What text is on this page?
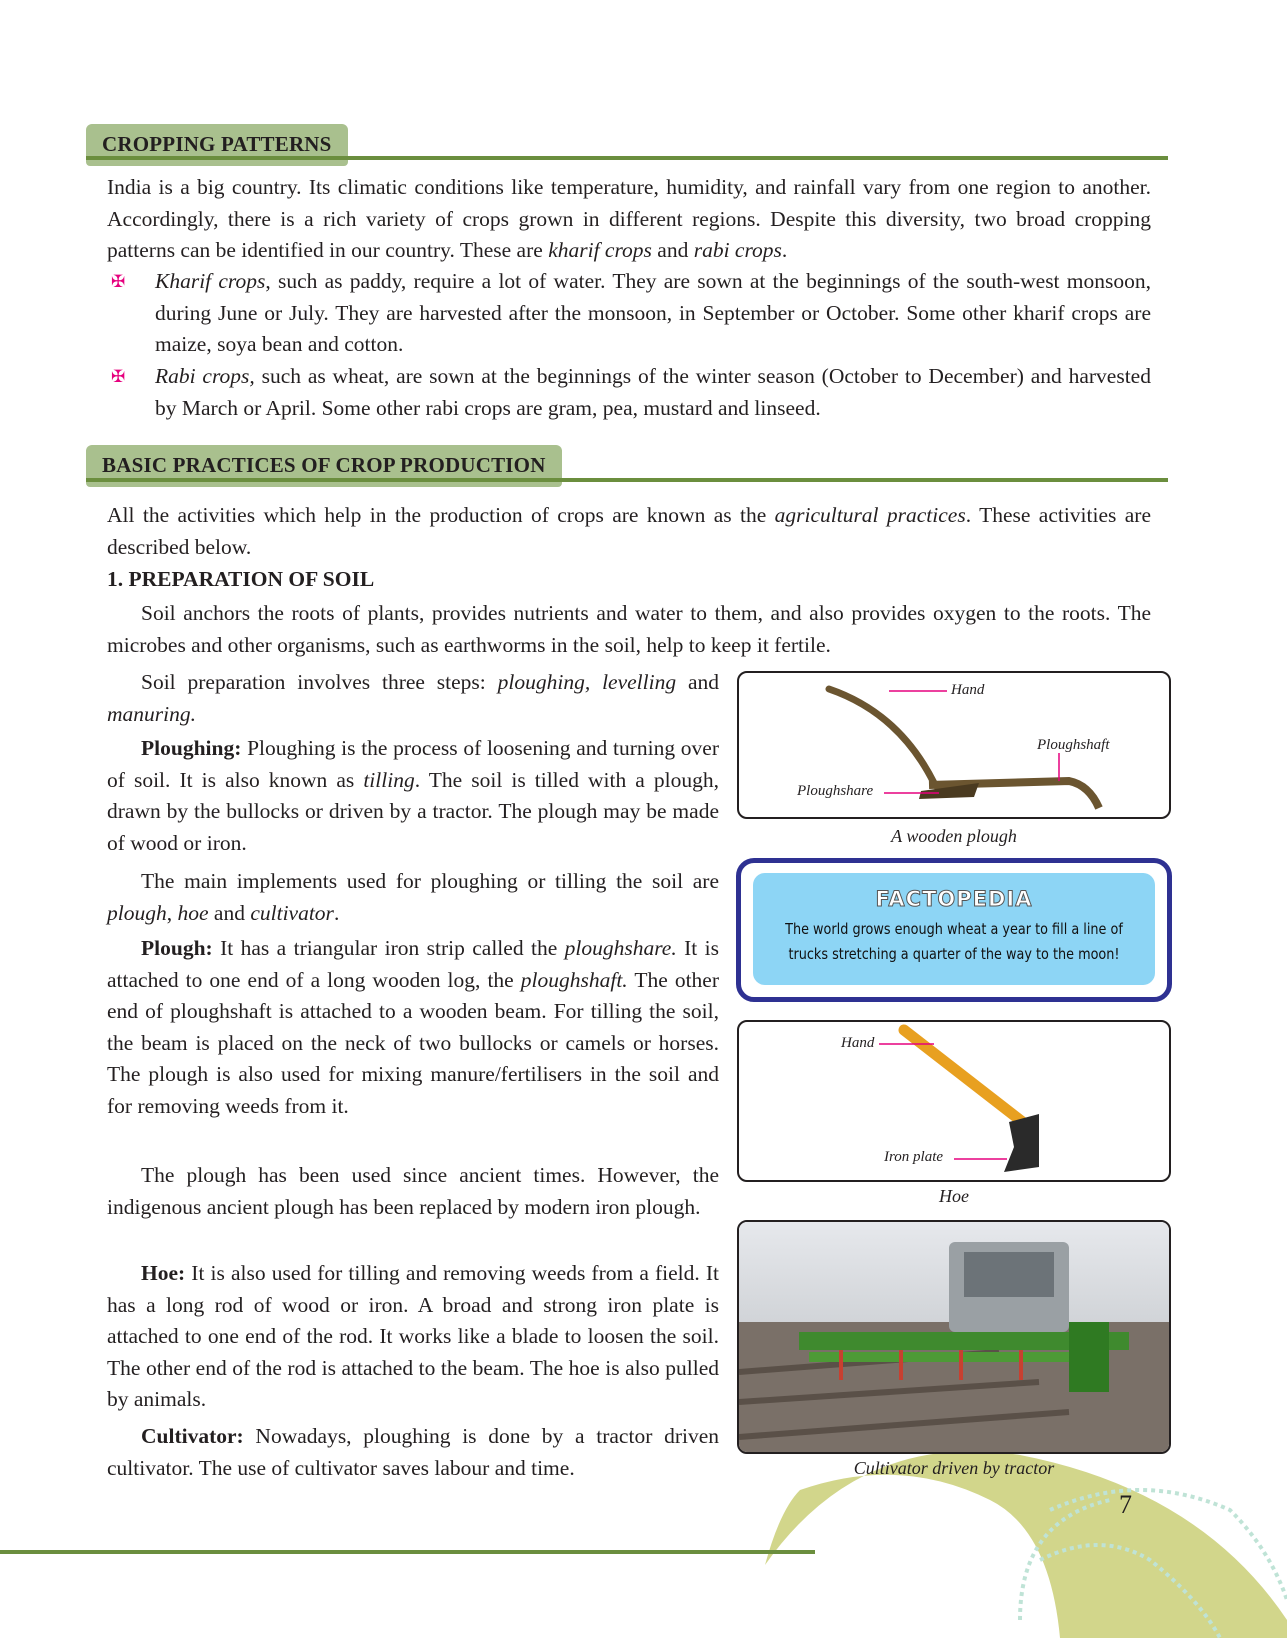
CROPPING PATTERNS
India is a big country. Its climatic conditions like temperature, humidity, and rainfall vary from one region to another. Accordingly, there is a rich variety of crops grown in different regions. Despite this diversity, two broad cropping patterns can be identified in our country. These are kharif crops and rabi crops.
✠ Kharif crops, such as paddy, require a lot of water. They are sown at the beginnings of the south-west monsoon, during June or July. They are harvested after the monsoon, in September or October. Some other kharif crops are maize, soya bean and cotton.
✠ Rabi crops, such as wheat, are sown at the beginnings of the winter season (October to December) and harvested by March or April. Some other rabi crops are gram, pea, mustard and linseed.
BASIC PRACTICES OF CROP PRODUCTION
All the activities which help in the production of crops are known as the agricultural practices. These activities are described below.
1. PREPARATION OF SOIL
Soil anchors the roots of plants, provides nutrients and water to them, and also provides oxygen to the roots. The microbes and other organisms, such as earthworms in the soil, help to keep it fertile.
Soil preparation involves three steps: ploughing, levelling and manuring.
Ploughing: Ploughing is the process of loosening and turning over of soil. It is also known as tilling. The soil is tilled with a plough, drawn by the bullocks or driven by a tractor. The plough may be made of wood or iron.
The main implements used for ploughing or tilling the soil are plough, hoe and cultivator.
Plough: It has a triangular iron strip called the ploughshare. It is attached to one end of a long wooden log, the ploughshaft. The other end of ploughshaft is attached to a wooden beam. For tilling the soil, the beam is placed on the neck of two bullocks or camels or horses. The plough is also used for mixing manure/fertilisers in the soil and for removing weeds from it.
The plough has been used since ancient times. However, the indigenous ancient plough has been replaced by modern iron plough.
Hoe: It is also used for tilling and removing weeds from a field. It has a long rod of wood or iron. A broad and strong iron plate is attached to one end of the rod. It works like a blade to loosen the soil. The other end of the rod is attached to the beam. The hoe is also pulled by animals.
Cultivator: Nowadays, ploughing is done by a tractor driven cultivator. The use of cultivator saves labour and time.
Hand
Ploughshaft
Ploughshare
A wooden plough
FACTOPEDIA
The world grows enough wheat a year to fill a line of
trucks stretching a quarter of the way to the moon!
Hand
Iron plate
Hoe
Cultivator driven by tractor
7
